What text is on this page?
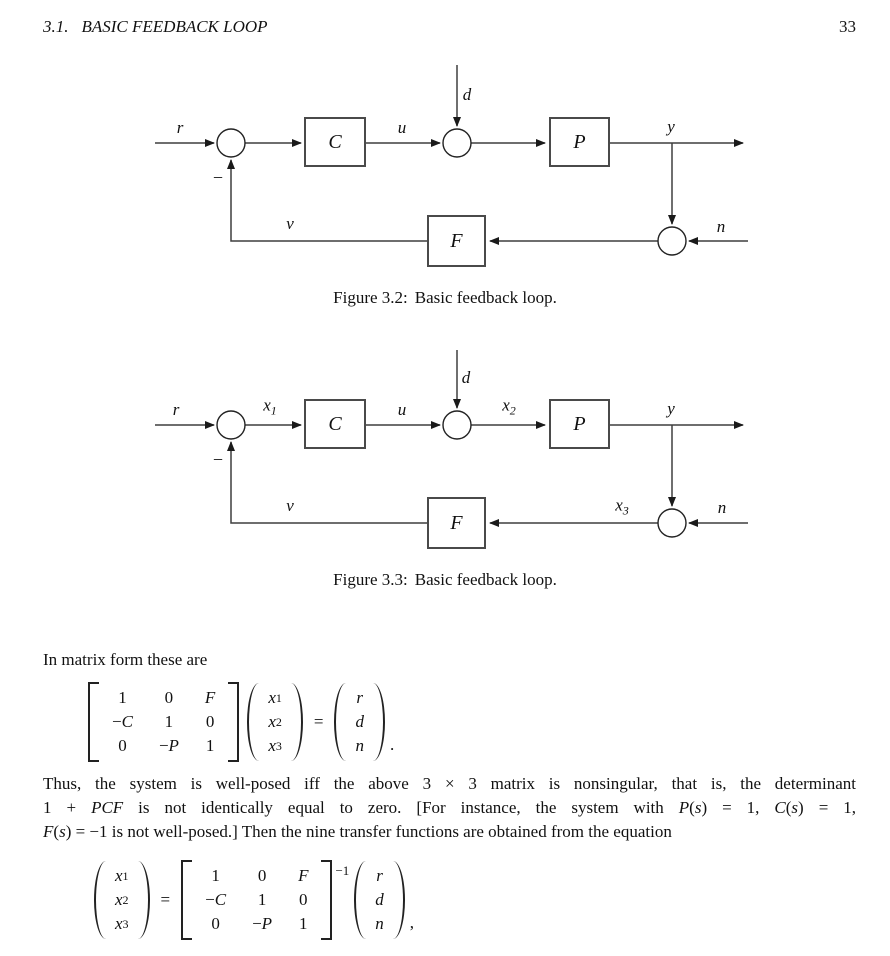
3.1. BASIC FEEDBACK LOOP	33
C	P
F
r
−
u
d
y
n
v
Figure 3.2: Basic feedback loop.
C	P
F
r	$x_1$
−
u
d
$x_2$	y
$x_3$	n
v
Figure 3.3: Basic feedback loop.
In matrix form these are
1	0	F
− C	1	0
0	− P	1
x 1
x 2
x 3
=
r
d
n .
Thus, the system is well-posed iff the above 3 × 3 matrix is nonsingular, that is, the determinant
1 + PCF is not identically equal to zero. [For instance, the system with P(s) = 1, C(s) = 1,
F(s) = −1 is not well-posed.] Then the nine transfer functions are obtained from the equation
x 1
x 2
x 3
=
1	0	F
− C	1	0
0	− P	1
−1 r
d
n ,
